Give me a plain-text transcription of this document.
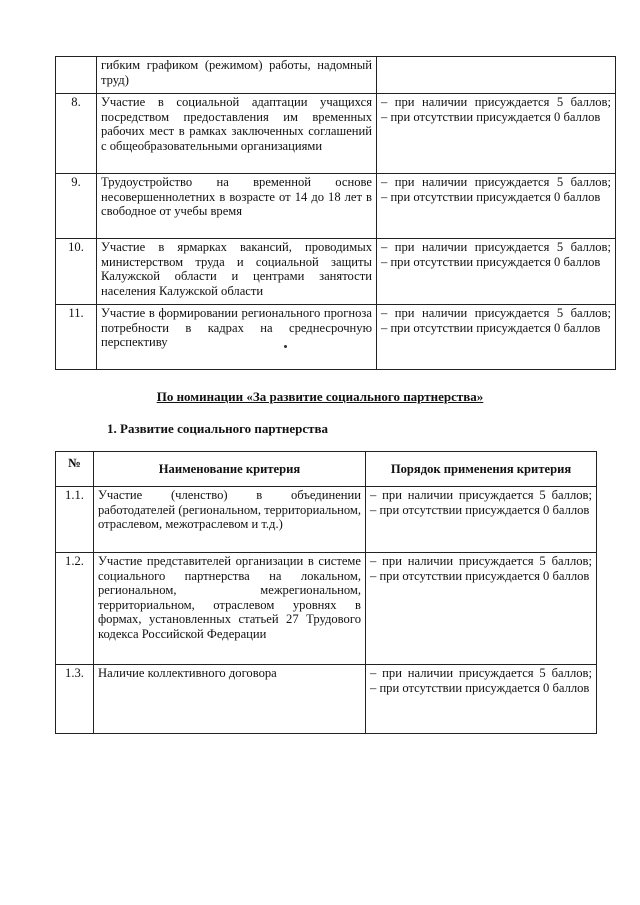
	гибким графиком (режимом) работы, надомный труд)	

8.	Участие в социальной адаптации учащихся посредством предоставления им временных рабочих мест в рамках заключенных соглашений с общеобразовательными организациями	– при наличии присуждается 5 баллов;
– при отсутствии присуждается 0 баллов

9.	Трудоустройство на временной основе несовершеннолетних в возрасте от 14 до 18 лет в свободное от учебы время	– при наличии присуждается 5 баллов;
– при отсутствии присуждается 0 баллов

10.	Участие в ярмарках вакансий, проводимых министерством труда и социальной защиты Калужской области и центрами занятости населения Калужской области	– при наличии присуждается 5 баллов;
– при отсутствии присуждается 0 баллов

11.	Участие в формировании регионального прогноза потребности в кадрах на среднесрочную перспективу	– при наличии присуждается 5 баллов;
– при отсутствии присуждается 0 баллов
По номинации «За развитие социального партнерства»
1. Развитие социального партнерства
№	Наименование критерия	Порядок применения критерия
1.1.	Участие (членство) в объединении работодателей (региональном, территориальном, отраслевом, межотраслевом и т.д.)	– при наличии присуждается 5 баллов;
– при отсутствии присуждается 0 баллов

1.2.	Участие представителей организации в системе социального партнерства на локальном, региональном, межрегиональном, территориальном, отраслевом уровнях в формах, установленных статьей 27 Трудового кодекса Российской Федерации	– при наличии присуждается 5 баллов;
– при отсутствии присуждается 0 баллов

1.3.	Наличие коллективного договора	– при наличии присуждается 5 баллов;
– при отсутствии присуждается 0 баллов
